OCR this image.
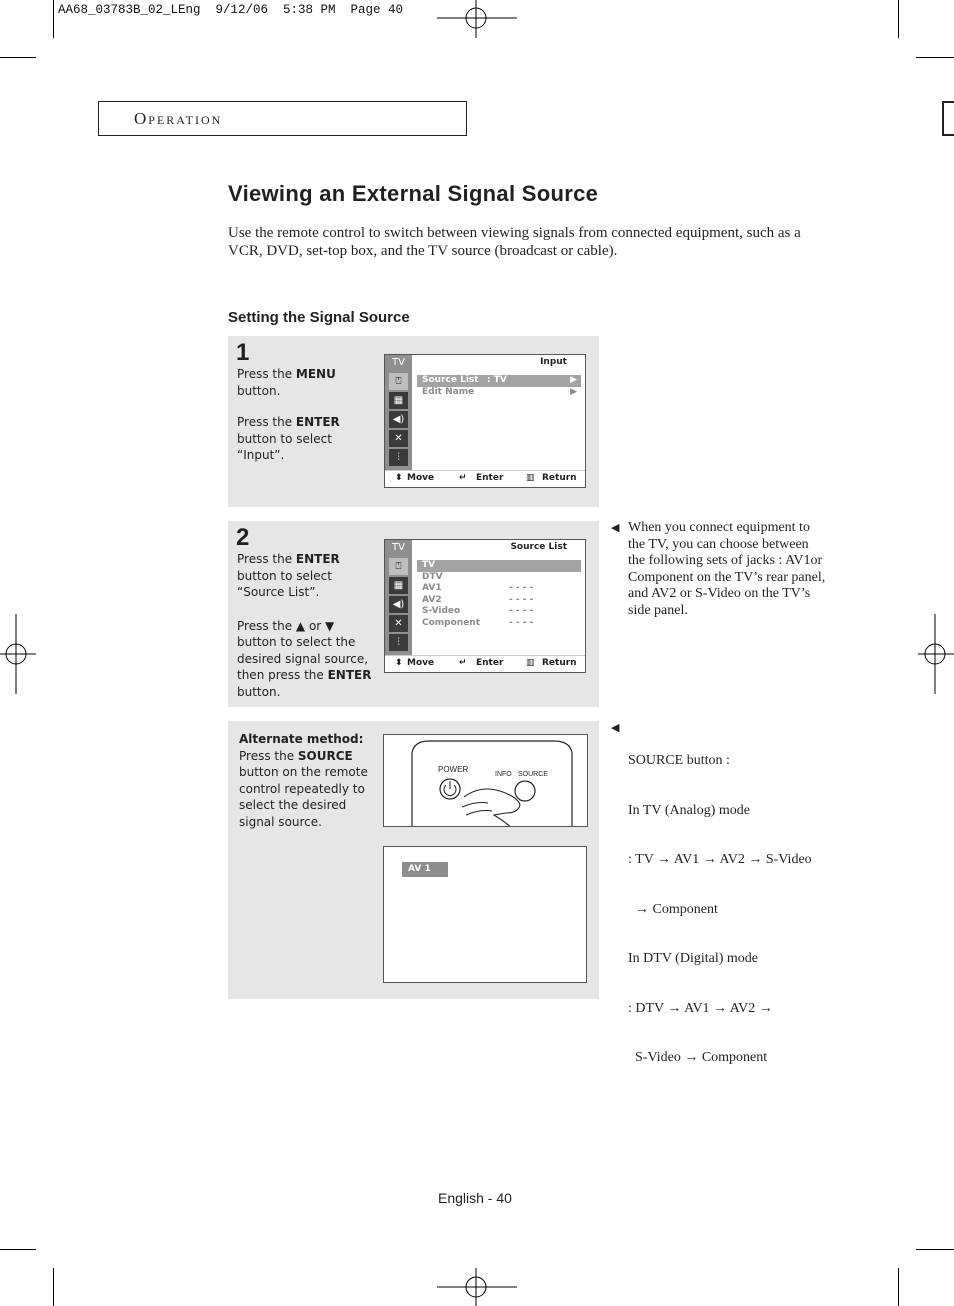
AA68_03783B_02_LEng  9/12/06  5:38 PM  Page 40
Operation
Viewing an External Signal Source
Use the remote control to switch between viewing signals from connected equipment, such as a VCR, DVD, set-top box, and the TV source (broadcast or cable).
Setting the Signal Source
1
Press the MENU button.
Press the ENTER button to select “Input”.
TV
⍞
▦
◀)
✕
⫶
Input
Source List : TV	▶
Edit Name	▶
⬍ Move	↵ Enter	▥ Return
2
Press the ENTER button to select “Source List”.
Press the ▲ or ▼ button to select the desired signal source, then press the ENTER button.
TV
⍞
▦
◀)
✕
⫶
Source List
TV
DTV
AV1	- - - -
AV2	- - - -
S-Video	- - - -
Component	- - - -
⬍ Move	↵ Enter	▥ Return
Alternate method:
Press the SOURCE button on the remote control repeatedly to select the desired signal source.
POWER
INFO SOURCE
AV 1
◀ When you connect equipment to
the TV, you can choose between
the following sets of jacks : AV1or
Component on the TV’s rear panel,
and AV2 or S-Video on the TV’s
side panel.
◀

SOURCE button :

In TV (Analog) mode

: TV → AV1 → AV2 → S-Video

→ Component

In DTV (Digital) mode

: DTV → AV1 → AV2 →

S-Video → Component

English - 40
